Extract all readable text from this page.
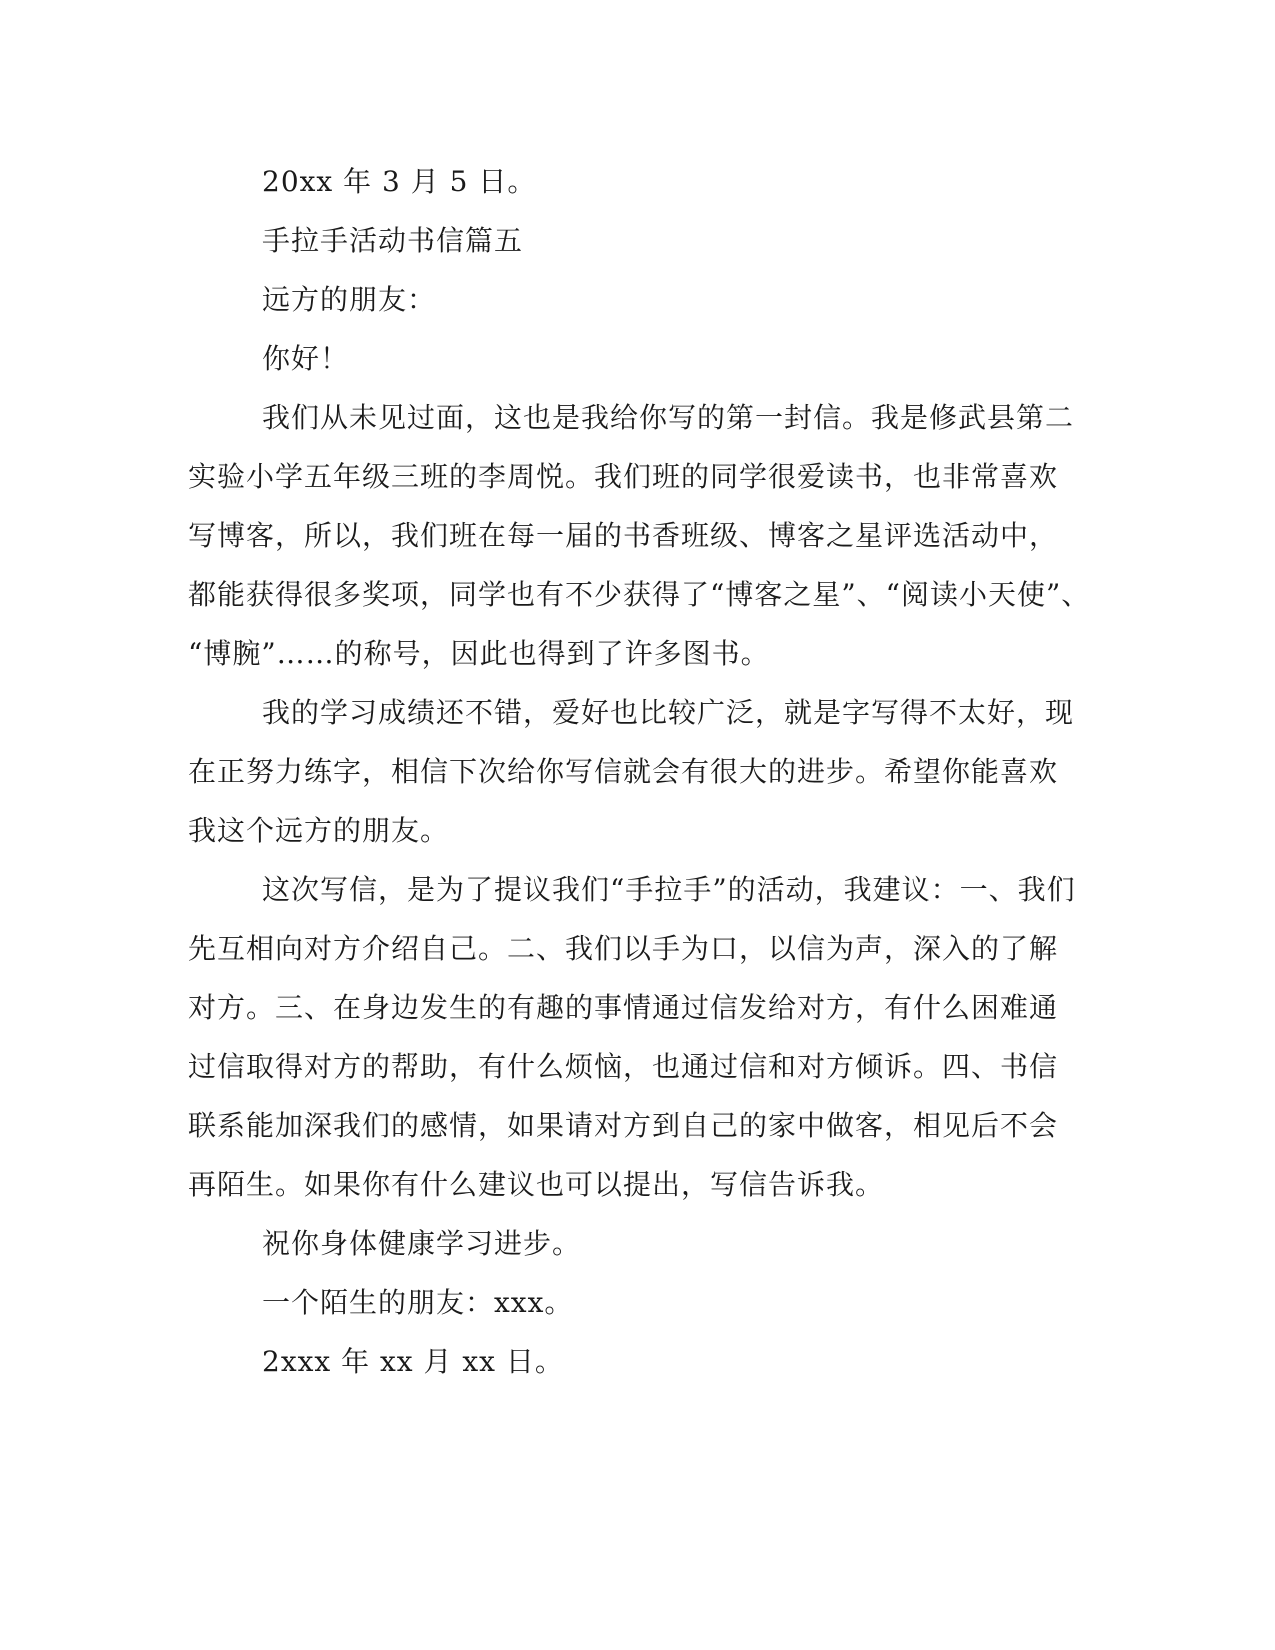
20xx 年 3 月 5 日。
手拉手活动书信篇五
远方的朋友：
你好！
我们从未见过面，这也是我给你写的第一封信。我是修武县第二
实验小学五年级三班的李周悦。我们班的同学很爱读书，也非常喜欢
写博客，所以，我们班在每一届的书香班级、博客之星评选活动中，
都能获得很多奖项，同学也有不少获得了“博客之星”、“阅读小天使”、
“博腕”……的称号，因此也得到了许多图书。
我的学习成绩还不错，爱好也比较广泛，就是字写得不太好，现
在正努力练字，相信下次给你写信就会有很大的进步。希望你能喜欢
我这个远方的朋友。
这次写信，是为了提议我们“手拉手”的活动，我建议：一、我们
先互相向对方介绍自己。二、我们以手为口，以信为声，深入的了解
对方。三、在身边发生的有趣的事情通过信发给对方，有什么困难通
过信取得对方的帮助，有什么烦恼，也通过信和对方倾诉。四、书信
联系能加深我们的感情，如果请对方到自己的家中做客，相见后不会
再陌生。如果你有什么建议也可以提出，写信告诉我。
祝你身体健康学习进步。
一个陌生的朋友：xxx。
2xxx 年 xx 月 xx 日。
